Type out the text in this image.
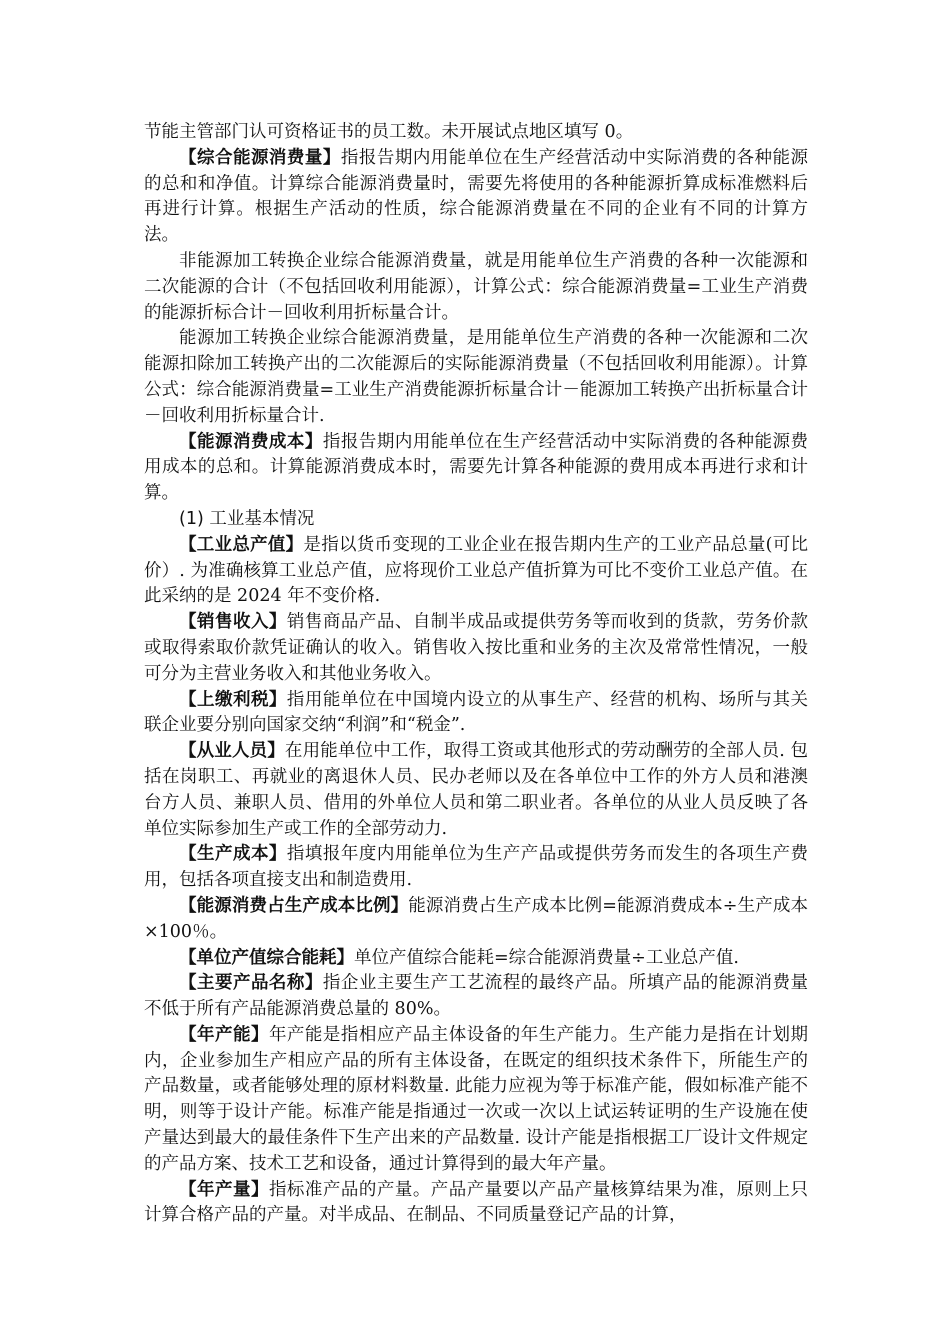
节能主管部门认可资格证书的员工数。未开展试点地区填写 0。

【综合能源消费量】指报告期内用能单位在生产经营活动中实际消费的各种能源的总和和净值。计算综合能源消费量时，需要先将使用的各种能源折算成标准燃料后再进行计算。根据生产活动的性质，综合能源消费量在不同的企业有不同的计算方法。

非能源加工转换企业综合能源消费量，就是用能单位生产消费的各种一次能源和二次能源的合计（不包括回收利用能源），计算公式：综合能源消费量=工业生产消费的能源折标合计－回收利用折标量合计。

能源加工转换企业综合能源消费量，是用能单位生产消费的各种一次能源和二次能源扣除加工转换产出的二次能源后的实际能源消费量（不包括回收利用能源）。计算公式：综合能源消费量=工业生产消费能源折标量合计－能源加工转换产出折标量合计－回收利用折标量合计.

【能源消费成本】指报告期内用能单位在生产经营活动中实际消费的各种能源费用成本的总和。计算能源消费成本时，需要先计算各种能源的费用成本再进行求和计算。

(1) 工业基本情况

【工业总产值】是指以货币变现的工业企业在报告期内生产的工业产品总量(可比价）. 为准确核算工业总产值，应将现价工业总产值折算为可比不变价工业总产值。在此采纳的是 2024 年不变价格.

【销售收入】销售商品产品、自制半成品或提供劳务等而收到的货款，劳务价款或取得索取价款凭证确认的收入。销售收入按比重和业务的主次及常常性情况，一般可分为主营业务收入和其他业务收入。

【上缴利税】指用能单位在中国境内设立的从事生产、经营的机构、场所与其关联企业要分别向国家交纳“利润”和“税金”.

【从业人员】在用能单位中工作，取得工资或其他形式的劳动酬劳的全部人员. 包括在岗职工、再就业的离退休人员、民办老师以及在各单位中工作的外方人员和港澳台方人员、兼职人员、借用的外单位人员和第二职业者。各单位的从业人员反映了各单位实际参加生产或工作的全部劳动力.

【生产成本】指填报年度内用能单位为生产产品或提供劳务而发生的各项生产费用，包括各项直接支出和制造费用.

【能源消费占生产成本比例】能源消费占生产成本比例=能源消费成本÷生产成本×100％。

【单位产值综合能耗】单位产值综合能耗=综合能源消费量÷工业总产值.

【主要产品名称】指企业主要生产工艺流程的最终产品。所填产品的能源消费量不低于所有产品能源消费总量的 80%。

【年产能】年产能是指相应产品主体设备的年生产能力。生产能力是指在计划期内，企业参加生产相应产品的所有主体设备，在既定的组织技术条件下，所能生产的产品数量，或者能够处理的原材料数量. 此能力应视为等于标准产能，假如标准产能不明，则等于设计产能。标准产能是指通过一次或一次以上试运转证明的生产设施在使产量达到最大的最佳条件下生产出来的产品数量. 设计产能是指根据工厂设计文件规定的产品方案、技术工艺和设备，通过计算得到的最大年产量。

【年产量】指标准产品的产量。产品产量要以产品产量核算结果为准，原则上只计算合格产品的产量。对半成品、在制品、不同质量登记产品的计算，
